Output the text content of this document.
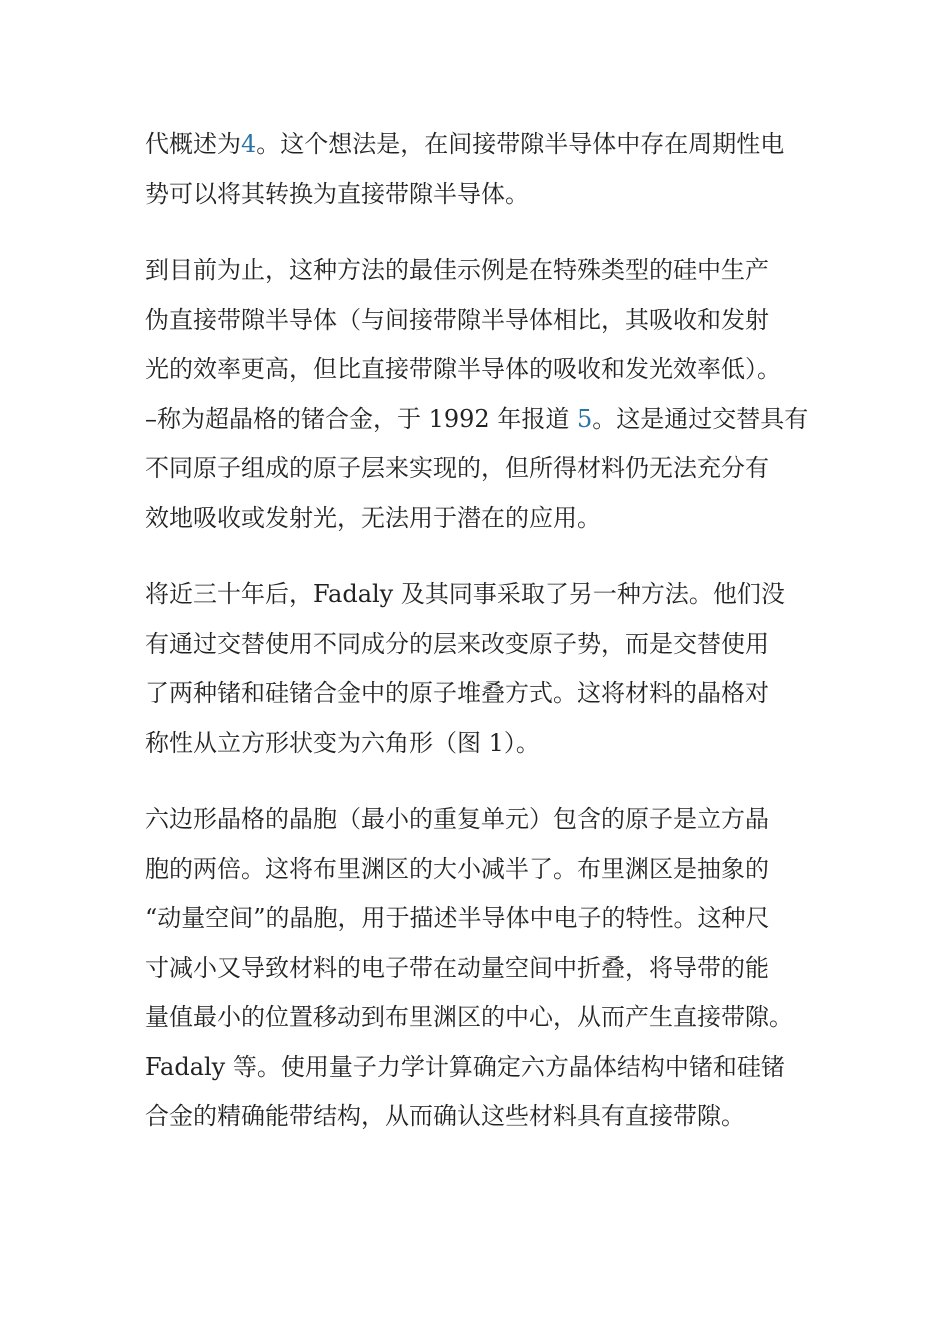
代概述为4。这个想法是，在间接带隙半导体中存在周期性电
势可以将其转换为直接带隙半导体。
到目前为止，这种方法的最佳示例是在特殊类型的硅中生产
伪直接带隙半导体（与间接带隙半导体相比，其吸收和发射
光的效率更高，但比直接带隙半导体的吸收和发光效率低）。
–称为超晶格的锗合金，于 1992 年报道 5。这是通过交替具有
不同原子组成的原子层来实现的，但所得材料仍无法充分有
效地吸收或发射光，无法用于潜在的应用。
将近三十年后，Fadaly 及其同事采取了另一种方法。他们没
有通过交替使用不同成分的层来改变原子势，而是交替使用
了两种锗和硅锗合金中的原子堆叠方式。这将材料的晶格对
称性从立方形状变为六角形（图 1）。
六边形晶格的晶胞（最小的重复单元）包含的原子是立方晶
胞的两倍。这将布里渊区的大小减半了。布里渊区是抽象的
“动量空间”的晶胞，用于描述半导体中电子的特性。这种尺
寸减小又导致材料的电子带在动量空间中折叠，将导带的能
量值最小的位置移动到布里渊区的中心，从而产生直接带隙。
Fadaly 等。使用量子力学计算确定六方晶体结构中锗和硅锗
合金的精确能带结构，从而确认这些材料具有直接带隙。
